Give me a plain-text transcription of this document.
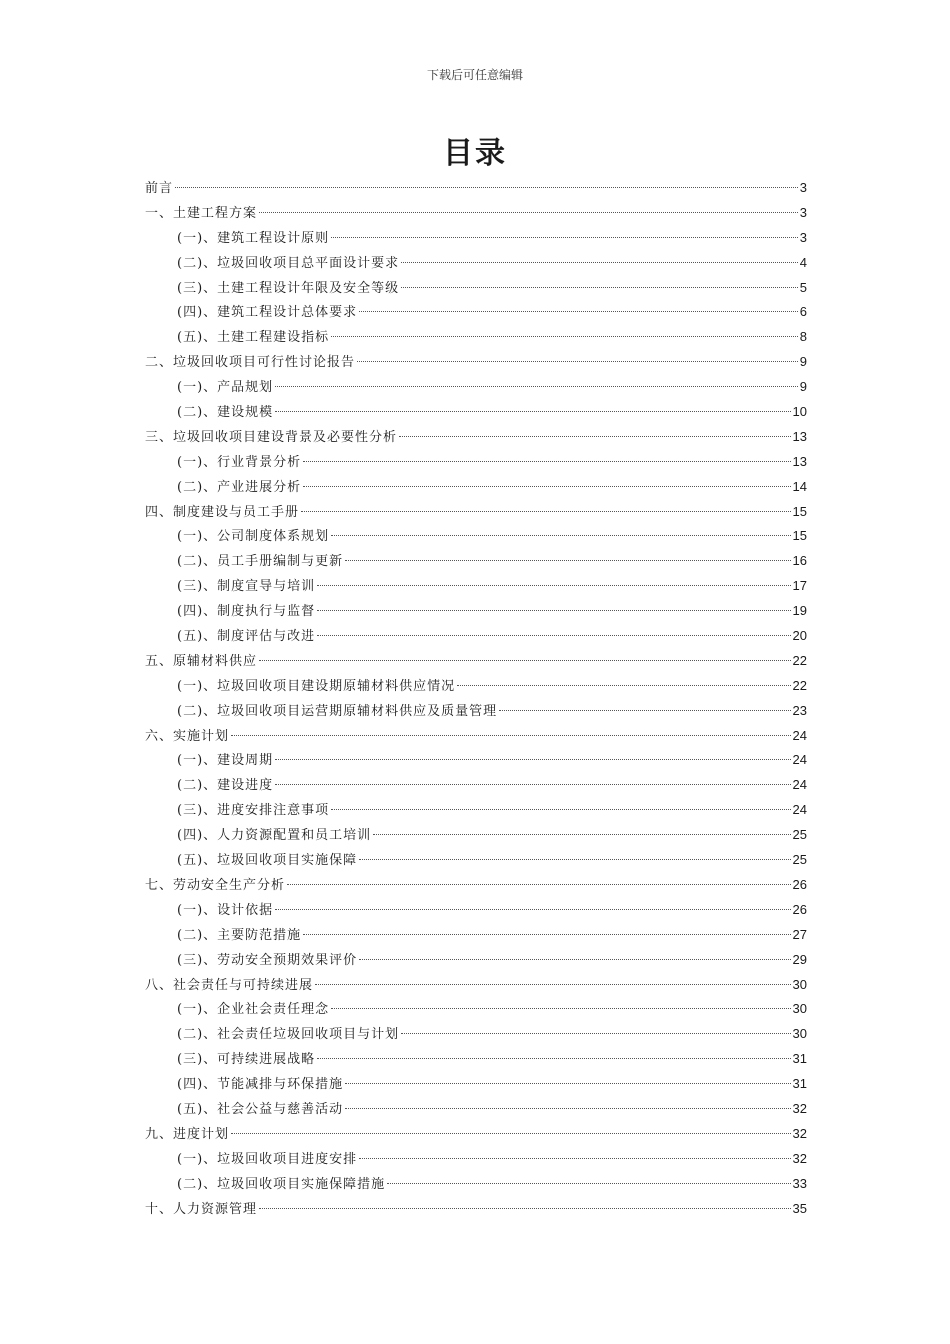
下载后可任意编辑
目录
前言	3
一、土建工程方案	3
(一)、建筑工程设计原则	3
(二)、垃圾回收项目总平面设计要求	4
(三)、土建工程设计年限及安全等级	5
(四)、建筑工程设计总体要求	6
(五)、土建工程建设指标	8
二、垃圾回收项目可行性讨论报告	9
(一)、产品规划	9
(二)、建设规模	10
三、垃圾回收项目建设背景及必要性分析	13
(一)、行业背景分析	13
(二)、产业进展分析	14
四、制度建设与员工手册	15
(一)、公司制度体系规划	15
(二)、员工手册编制与更新	16
(三)、制度宣导与培训	17
(四)、制度执行与监督	19
(五)、制度评估与改进	20
五、原辅材料供应	22
(一)、垃圾回收项目建设期原辅材料供应情况	22
(二)、垃圾回收项目运营期原辅材料供应及质量管理	23
六、实施计划	24
(一)、建设周期	24
(二)、建设进度	24
(三)、进度安排注意事项	24
(四)、人力资源配置和员工培训	25
(五)、垃圾回收项目实施保障	25
七、劳动安全生产分析	26
(一)、设计依据	26
(二)、主要防范措施	27
(三)、劳动安全预期效果评价	29
八、社会责任与可持续进展	30
(一)、企业社会责任理念	30
(二)、社会责任垃圾回收项目与计划	30
(三)、可持续进展战略	31
(四)、节能减排与环保措施	31
(五)、社会公益与慈善活动	32
九、进度计划	32
(一)、垃圾回收项目进度安排	32
(二)、垃圾回收项目实施保障措施	33
十、人力资源管理	35
